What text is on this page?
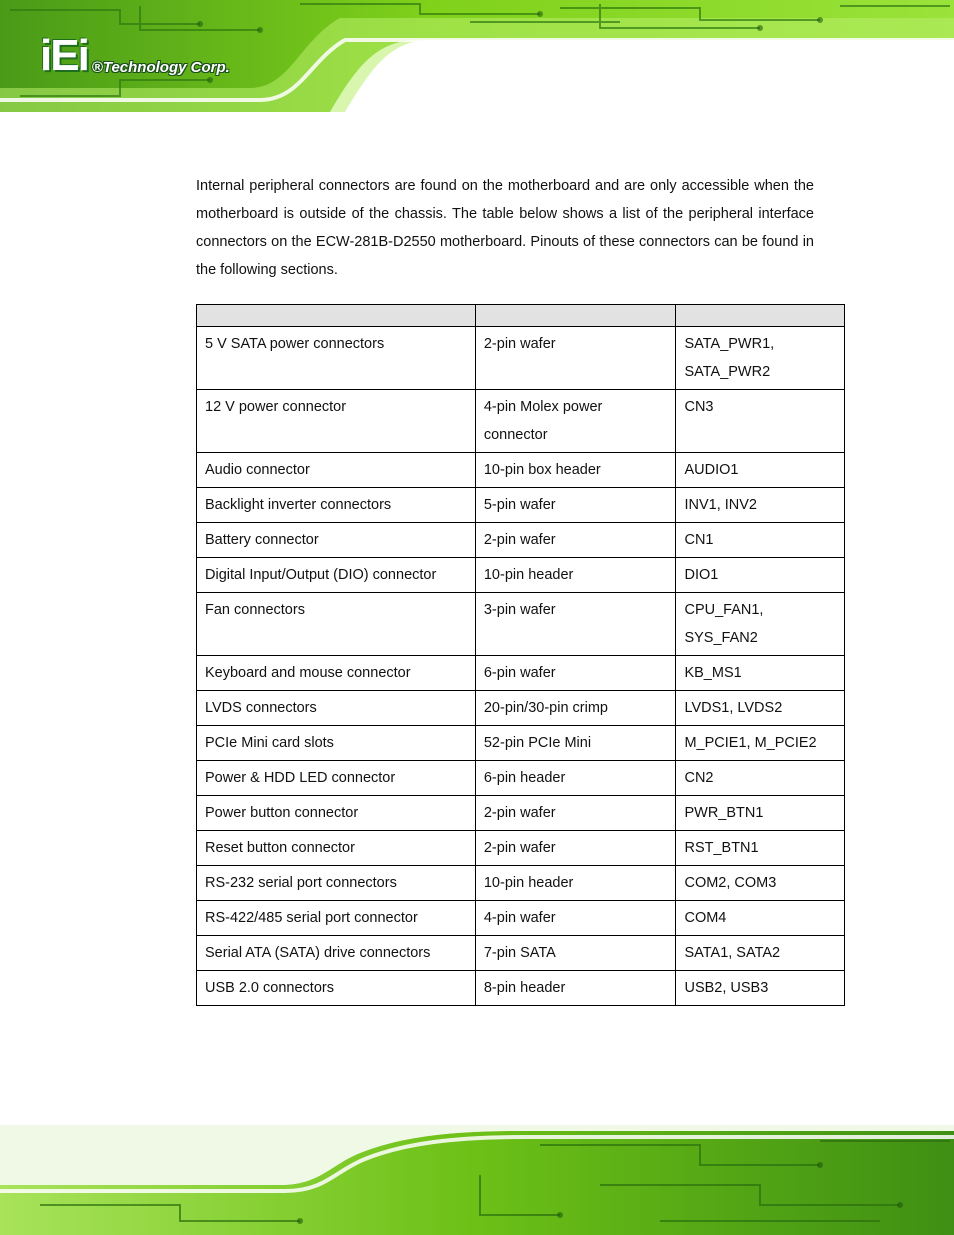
iEi ®Technology Corp.

Internal peripheral connectors are found on the motherboard and are only accessible when the motherboard is outside of the chassis. The table below shows a list of the peripheral interface connectors on the ECW-281B-D2550 motherboard. Pinouts of these connectors can be found in the following sections.

5 V SATA power connectors	2-pin wafer	SATA_PWR1, SATA_PWR2
12 V power connector	4-pin Molex power connector	CN3
Audio connector	10-pin box header	AUDIO1
Backlight inverter connectors	5-pin wafer	INV1, INV2
Battery connector	2-pin wafer	CN1
Digital Input/Output (DIO) connector	10-pin header	DIO1
Fan connectors	3-pin wafer	CPU_FAN1, SYS_FAN2
Keyboard and mouse connector	6-pin wafer	KB_MS1
LVDS connectors	20-pin/30-pin crimp	LVDS1, LVDS2
PCIe Mini card slots	52-pin PCIe Mini	M_PCIE1, M_PCIE2
Power & HDD LED connector	6-pin header	CN2
Power button connector	2-pin wafer	PWR_BTN1
Reset button connector	2-pin wafer	RST_BTN1
RS-232 serial port connectors	10-pin header	COM2, COM3
RS-422/485 serial port connector	4-pin wafer	COM4
Serial ATA (SATA) drive connectors	7-pin SATA	SATA1, SATA2
USB 2.0 connectors	8-pin header	USB2, USB3
